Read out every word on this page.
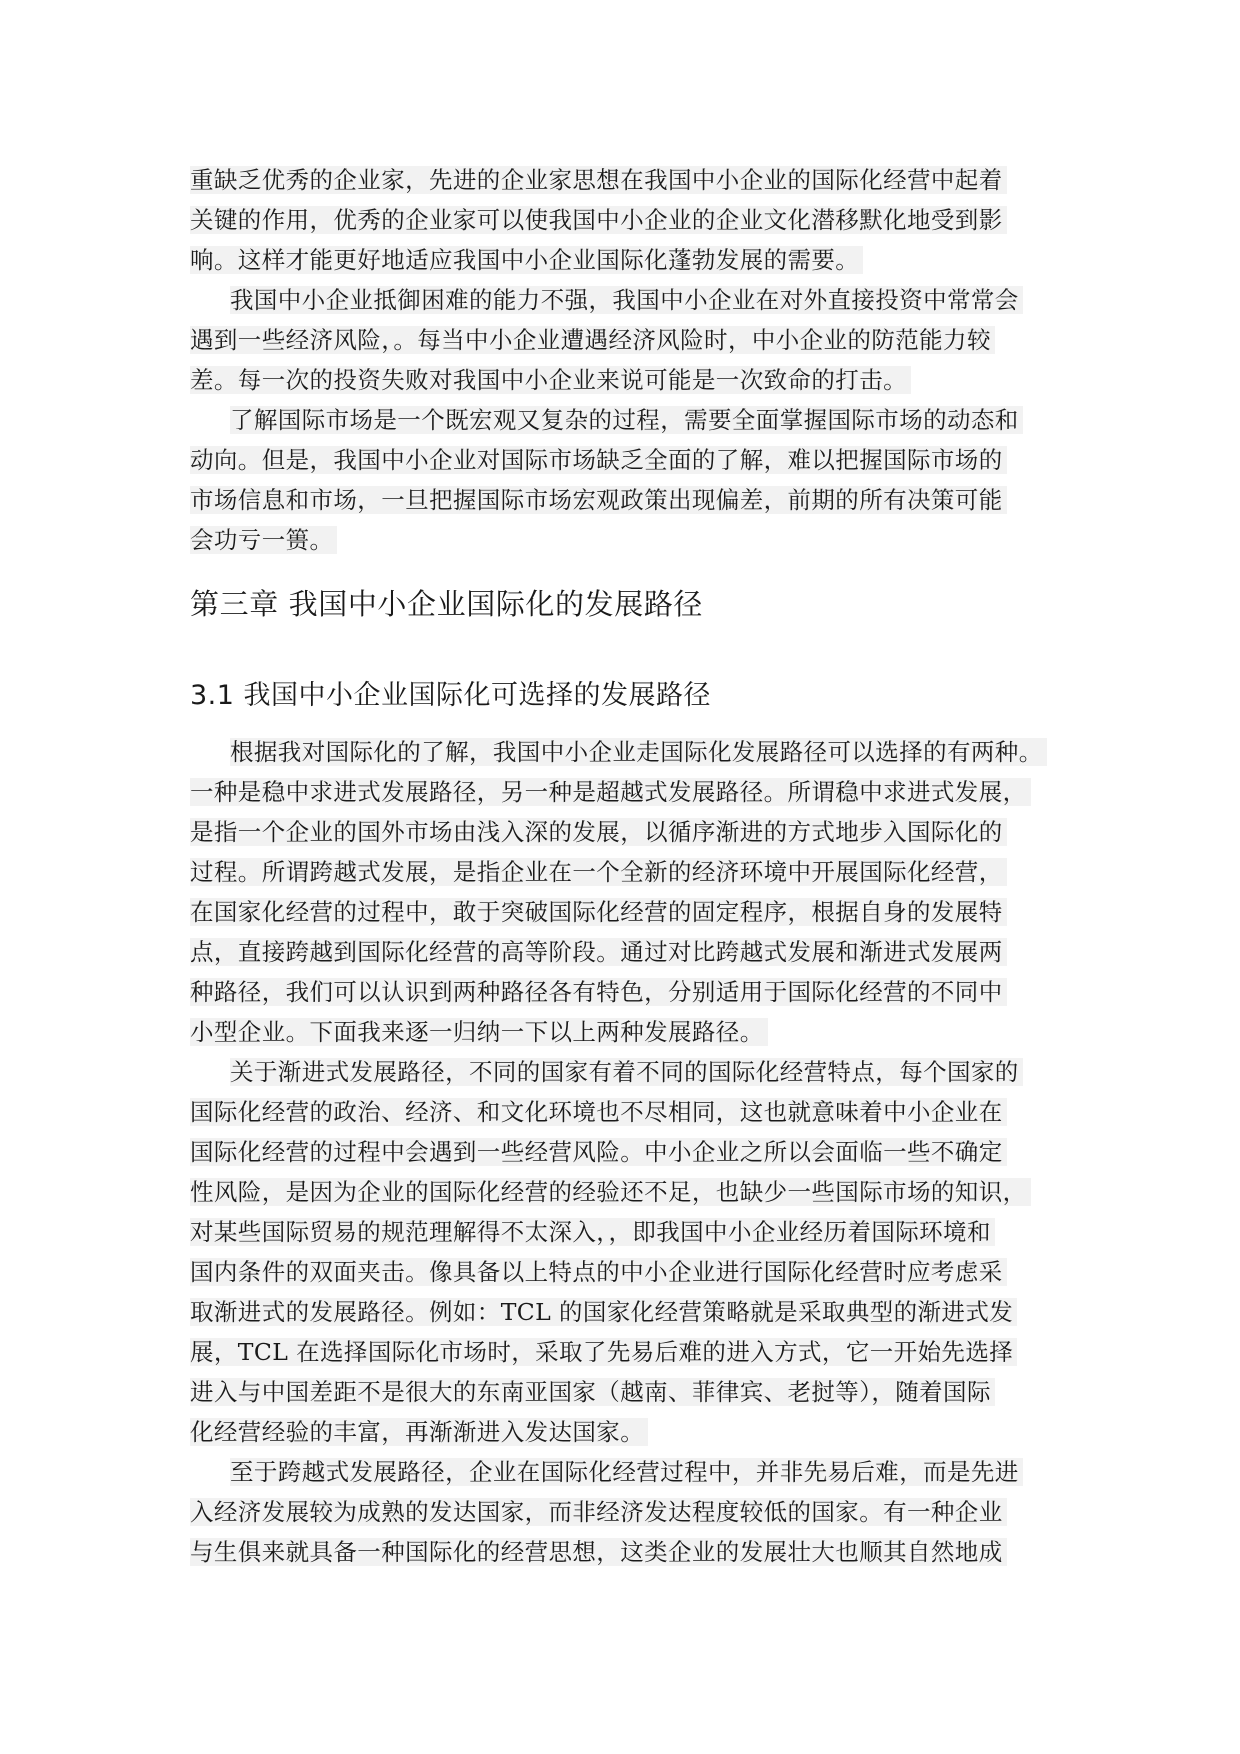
重缺乏优秀的企业家，先进的企业家思想在我国中小企业的国际化经营中起着
关键的作用，优秀的企业家可以使我国中小企业的企业文化潜移默化地受到影
响。这样才能更好地适应我国中小企业国际化蓬勃发展的需要。
我国中小企业抵御困难的能力不强，我国中小企业在对外直接投资中常常会
遇到一些经济风险，。每当中小企业遭遇经济风险时，中小企业的防范能力较
差。每一次的投资失败对我国中小企业来说可能是一次致命的打击。
了解国际市场是一个既宏观又复杂的过程，需要全面掌握国际市场的动态和
动向。但是，我国中小企业对国际市场缺乏全面的了解，难以把握国际市场的
市场信息和市场，一旦把握国际市场宏观政策出现偏差，前期的所有决策可能
会功亏一篑。
第三章 我国中小企业国际化的发展路径
3.1 我国中小企业国际化可选择的发展路径
根据我对国际化的了解，我国中小企业走国际化发展路径可以选择的有两种。
一种是稳中求进式发展路径，另一种是超越式发展路径。所谓稳中求进式发展，
是指一个企业的国外市场由浅入深的发展，以循序渐进的方式地步入国际化的
过程。所谓跨越式发展，是指企业在一个全新的经济环境中开展国际化经营，
在国家化经营的过程中，敢于突破国际化经营的固定程序，根据自身的发展特
点，直接跨越到国际化经营的高等阶段。通过对比跨越式发展和渐进式发展两
种路径，我们可以认识到两种路径各有特色，分别适用于国际化经营的不同中
小型企业。下面我来逐一归纳一下以上两种发展路径。
关于渐进式发展路径，不同的国家有着不同的国际化经营特点，每个国家的
国际化经营的政治、经济、和文化环境也不尽相同，这也就意味着中小企业在
国际化经营的过程中会遇到一些经营风险。中小企业之所以会面临一些不确定
性风险，是因为企业的国际化经营的经验还不足，也缺少一些国际市场的知识，
对某些国际贸易的规范理解得不太深入，，即我国中小企业经历着国际环境和
国内条件的双面夹击。像具备以上特点的中小企业进行国际化经营时应考虑采
取渐进式的发展路径。例如：TCL 的国家化经营策略就是采取典型的渐进式发
展，TCL 在选择国际化市场时，采取了先易后难的进入方式，它一开始先选择
进入与中国差距不是很大的东南亚国家（越南、菲律宾、老挝等），随着国际
化经营经验的丰富，再渐渐进入发达国家。
至于跨越式发展路径，企业在国际化经营过程中，并非先易后难，而是先进
入经济发展较为成熟的发达国家，而非经济发达程度较低的国家。有一种企业
与生俱来就具备一种国际化的经营思想，这类企业的发展壮大也顺其自然地成
